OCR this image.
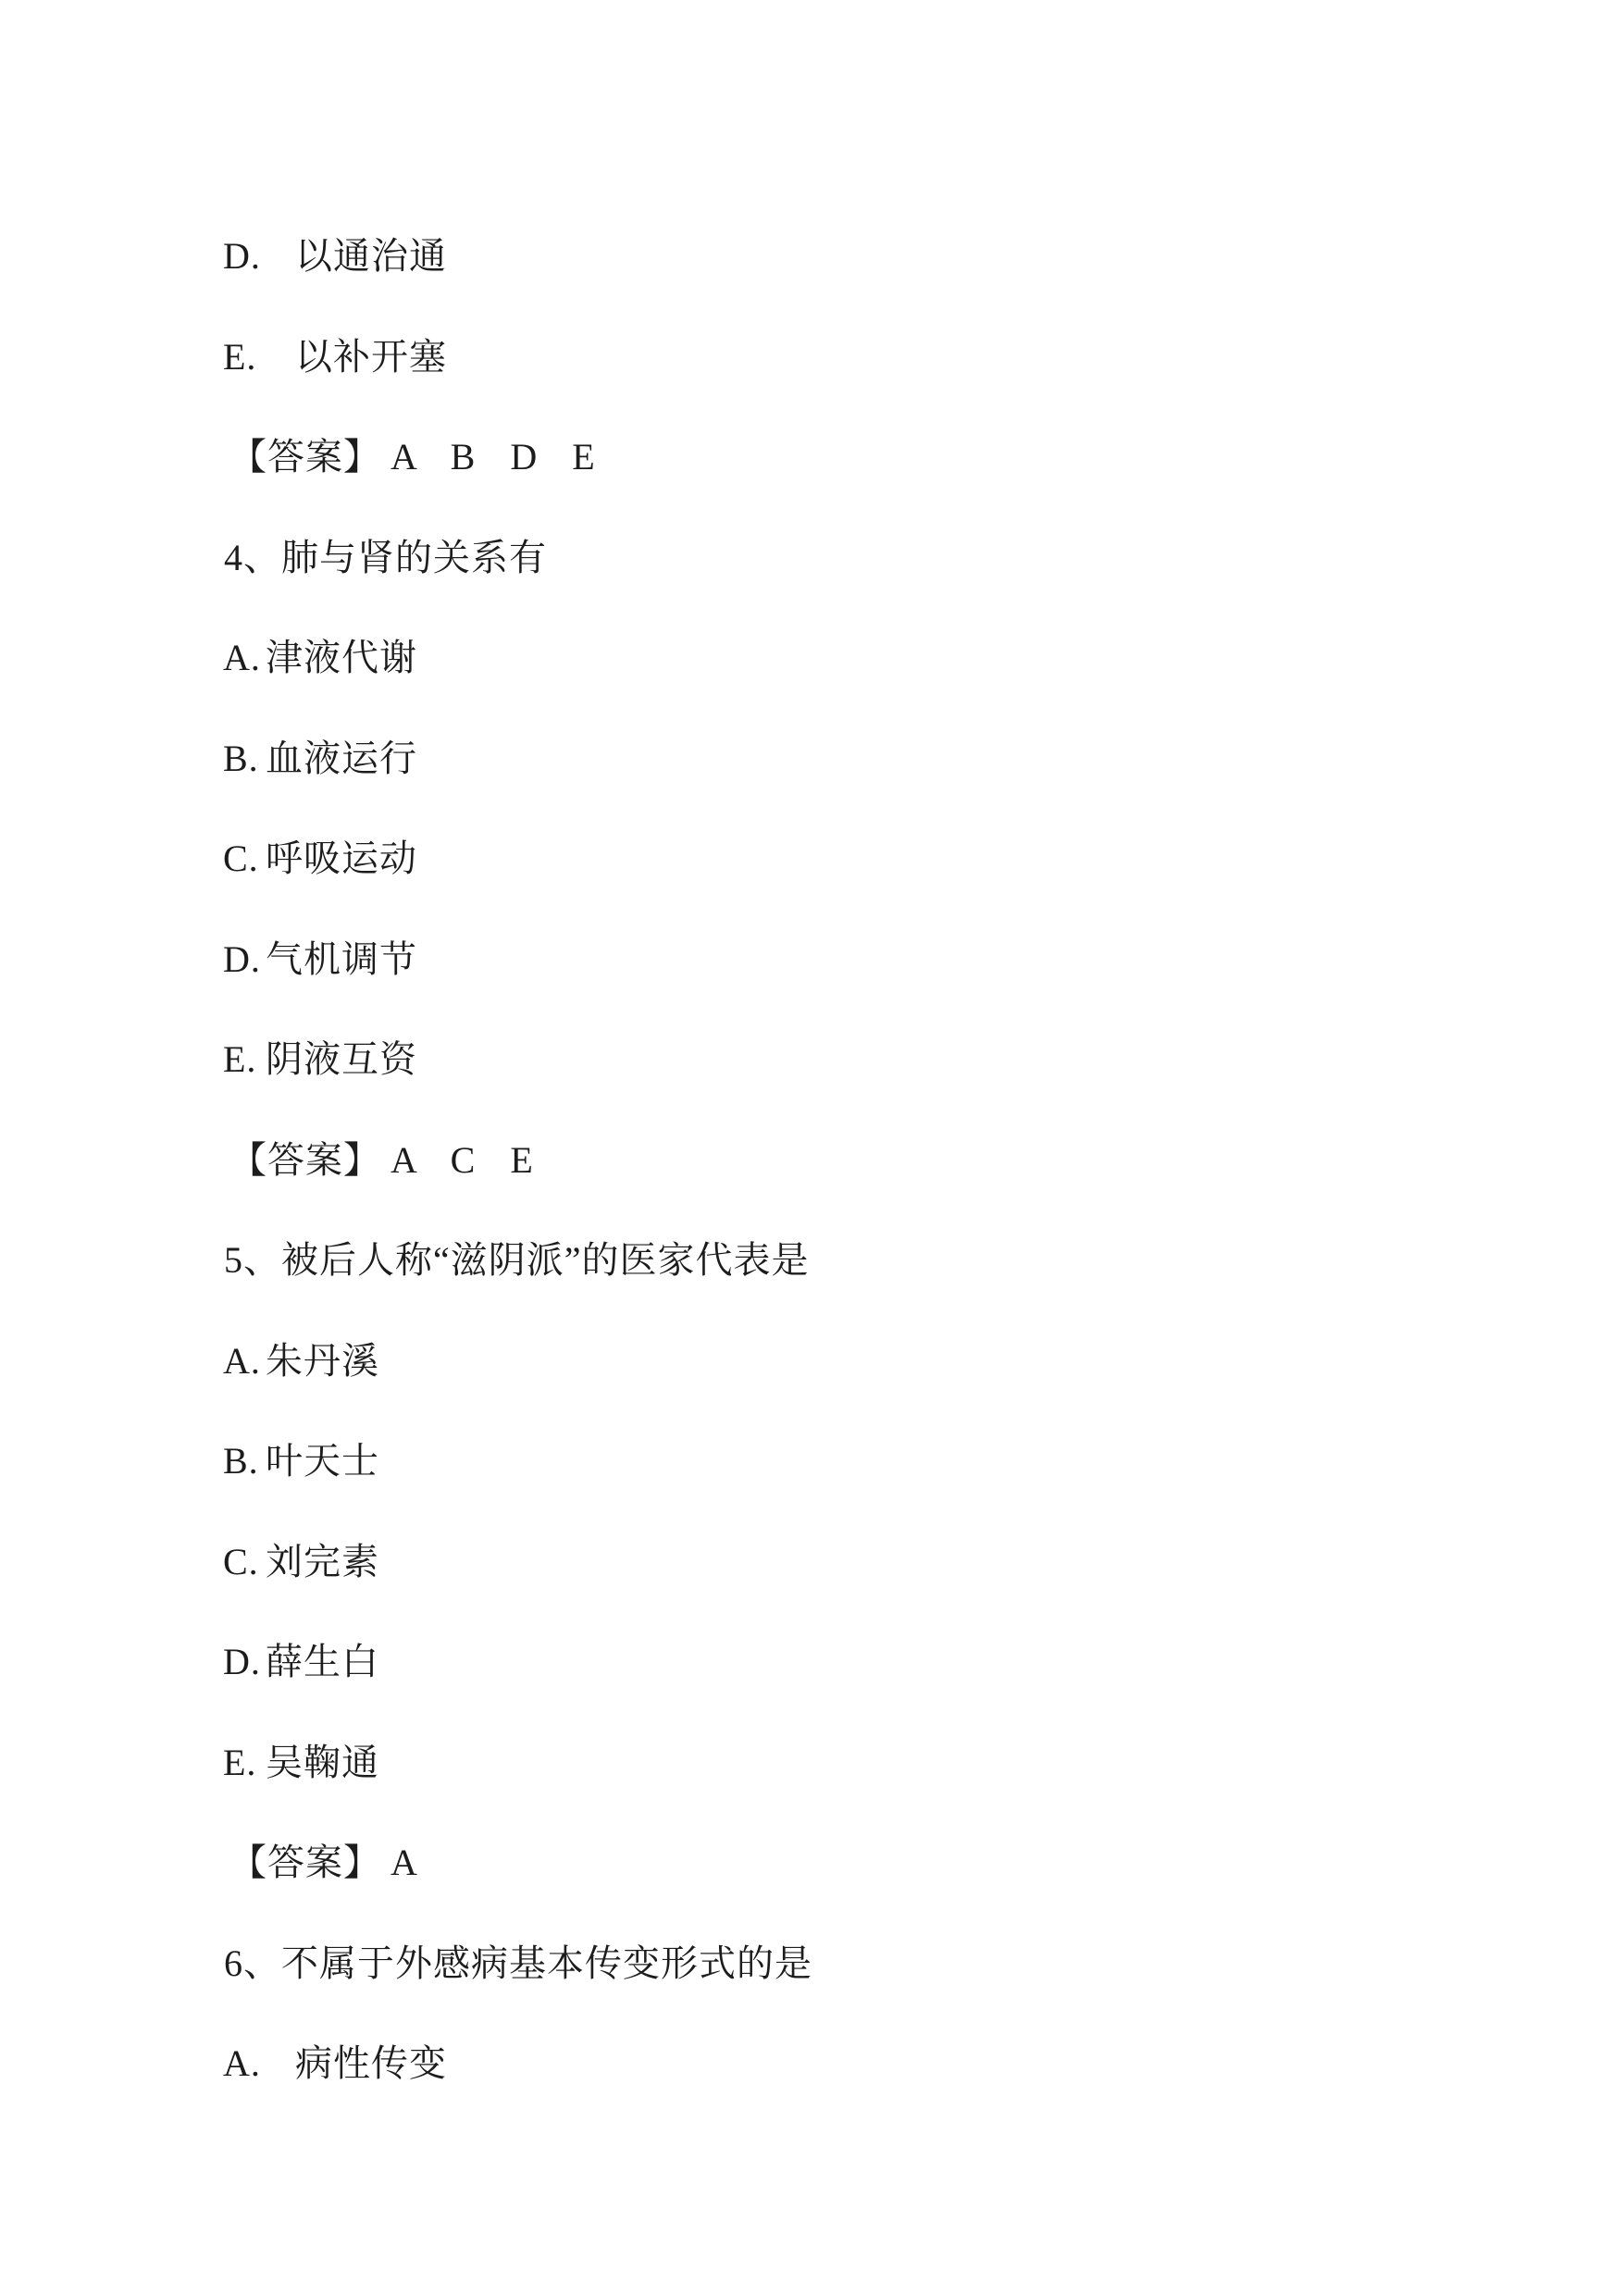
D. 以通治通

E. 以补开塞

【答案】 A B D E

4、肺与肾的关系有

A. 津液代谢

B. 血液运行

C. 呼吸运动

D. 气机调节

E. 阴液互资

【答案】 A C E

5、被后人称“滋阴派”的医家代表是

A. 朱丹溪

B. 叶天士

C. 刘完素

D. 薛生白

E. 吴鞠通

【答案】 A

6、不属于外感病基本传变形式的是

A. 病性传变
